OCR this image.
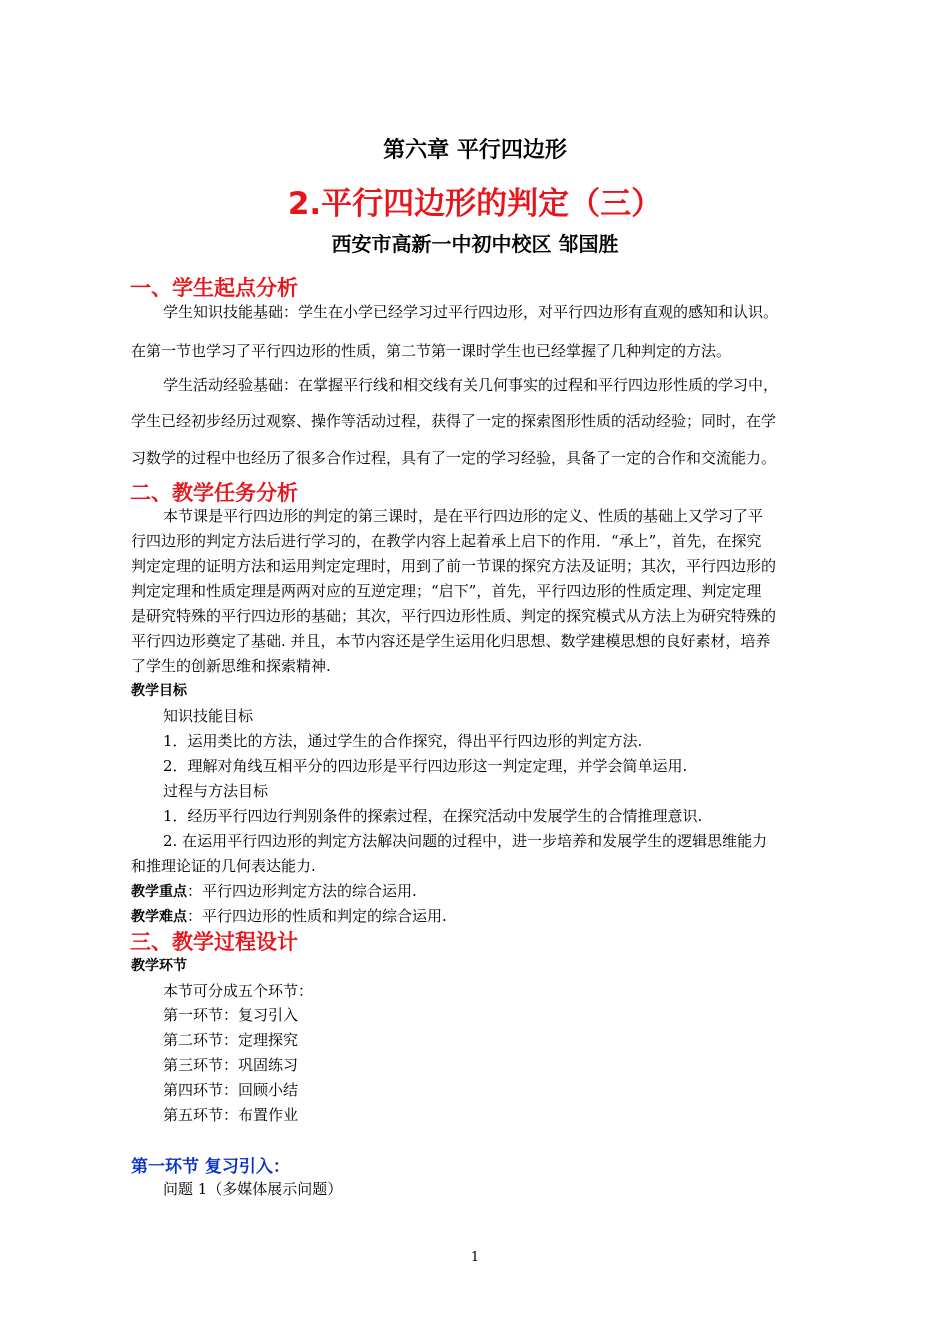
第六章 平行四边形
2.平行四边形的判定（三）
西安市高新一中初中校区 邹国胜
一、学生起点分析
学生知识技能基础：学生在小学已经学习过平行四边形，对平行四边形有直观的感知和认识。
在第一节也学习了平行四边形的性质，第二节第一课时学生也已经掌握了几种判定的方法。
学生活动经验基础：在掌握平行线和相交线有关几何事实的过程和平行四边形性质的学习中，
学生已经初步经历过观察、操作等活动过程，获得了一定的探索图形性质的活动经验；同时，在学
习数学的过程中也经历了很多合作过程，具有了一定的学习经验，具备了一定的合作和交流能力。
二、教学任务分析
本节课是平行四边形的判定的第三课时，是在平行四边形的定义、性质的基础上又学习了平
行四边形的判定方法后进行学习的，在教学内容上起着承上启下的作用．“承上”，首先，在探究
判定定理的证明方法和运用判定定理时，用到了前一节课的探究方法及证明；其次，平行四边形的
判定定理和性质定理是两两对应的互逆定理；“启下”，首先，平行四边形的性质定理、判定定理
是研究特殊的平行四边形的基础；其次，平行四边形性质、判定的探究模式从方法上为研究特殊的
平行四边形奠定了基础. 并且，本节内容还是学生运用化归思想、数学建模思想的良好素材，培养
了学生的创新思维和探索精神.
教学目标
知识技能目标
1．运用类比的方法，通过学生的合作探究，得出平行四边形的判定方法.
2．理解对角线互相平分的四边形是平行四边形这一判定定理，并学会简单运用.
过程与方法目标
1．经历平行四边行判别条件的探索过程，在探究活动中发展学生的合情推理意识.
2. 在运用平行四边形的判定方法解决问题的过程中，进一步培养和发展学生的逻辑思维能力
和推理论证的几何表达能力.
教学重点：平行四边形判定方法的综合运用.
教学难点：平行四边形的性质和判定的综合运用.
三、教学过程设计
教学环节
本节可分成五个环节：
第一环节：复习引入
第二环节：定理探究
第三环节：巩固练习
第四环节：回顾小结
第五环节：布置作业
第一环节 复习引入：
问题 1（多媒体展示问题）
1
